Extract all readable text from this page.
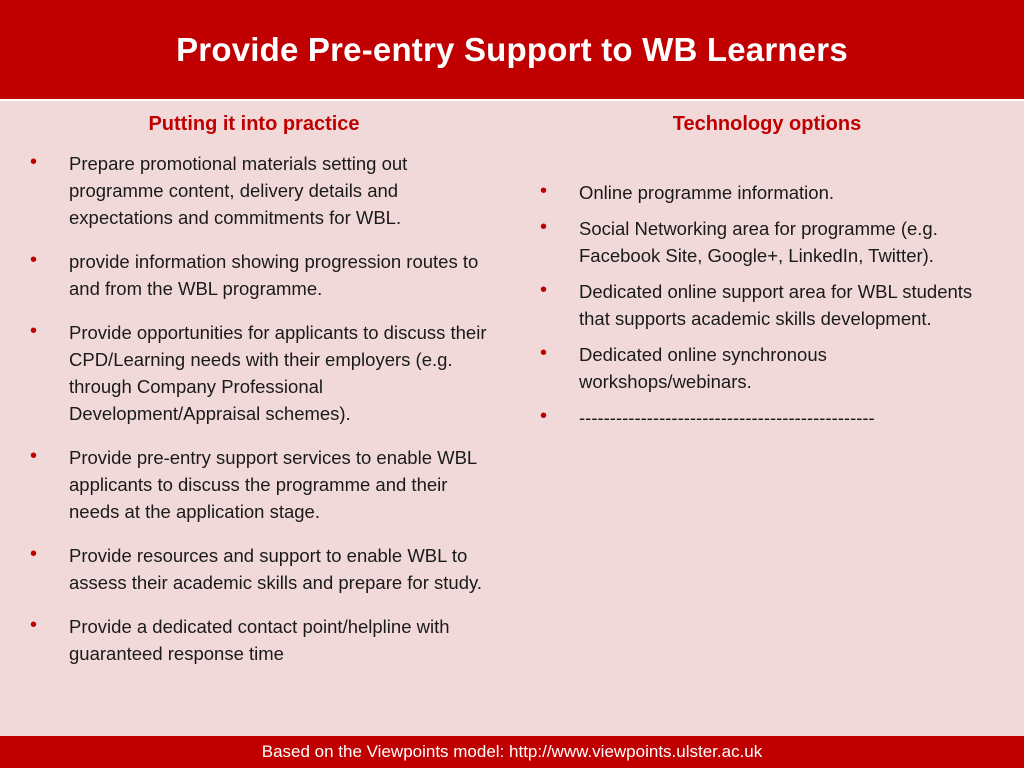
Provide Pre-entry Support to WB Learners
Putting it into practice
• Prepare promotional materials setting out programme content, delivery details and expectations and commitments for WBL.
• provide information showing progression routes to and from the WBL programme.
• Provide opportunities for applicants to discuss their CPD/Learning needs with their employers (e.g. through Company Professional Development/Appraisal schemes).
• Provide pre-entry support services to enable WBL applicants to discuss the programme and their needs at the application stage.
• Provide resources and support to enable WBL to assess their academic skills and prepare for study.
• Provide a dedicated contact point/helpline with guaranteed response time
Technology options
• Online programme information.
• Social Networking area for programme (e.g. Facebook Site, Google+, LinkedIn, Twitter).
• Dedicated online support area for WBL students that supports academic skills development.
• Dedicated online synchronous workshops/webinars.
• ------------------------------------------------
Based on the Viewpoints model: http://www.viewpoints.ulster.ac.uk
